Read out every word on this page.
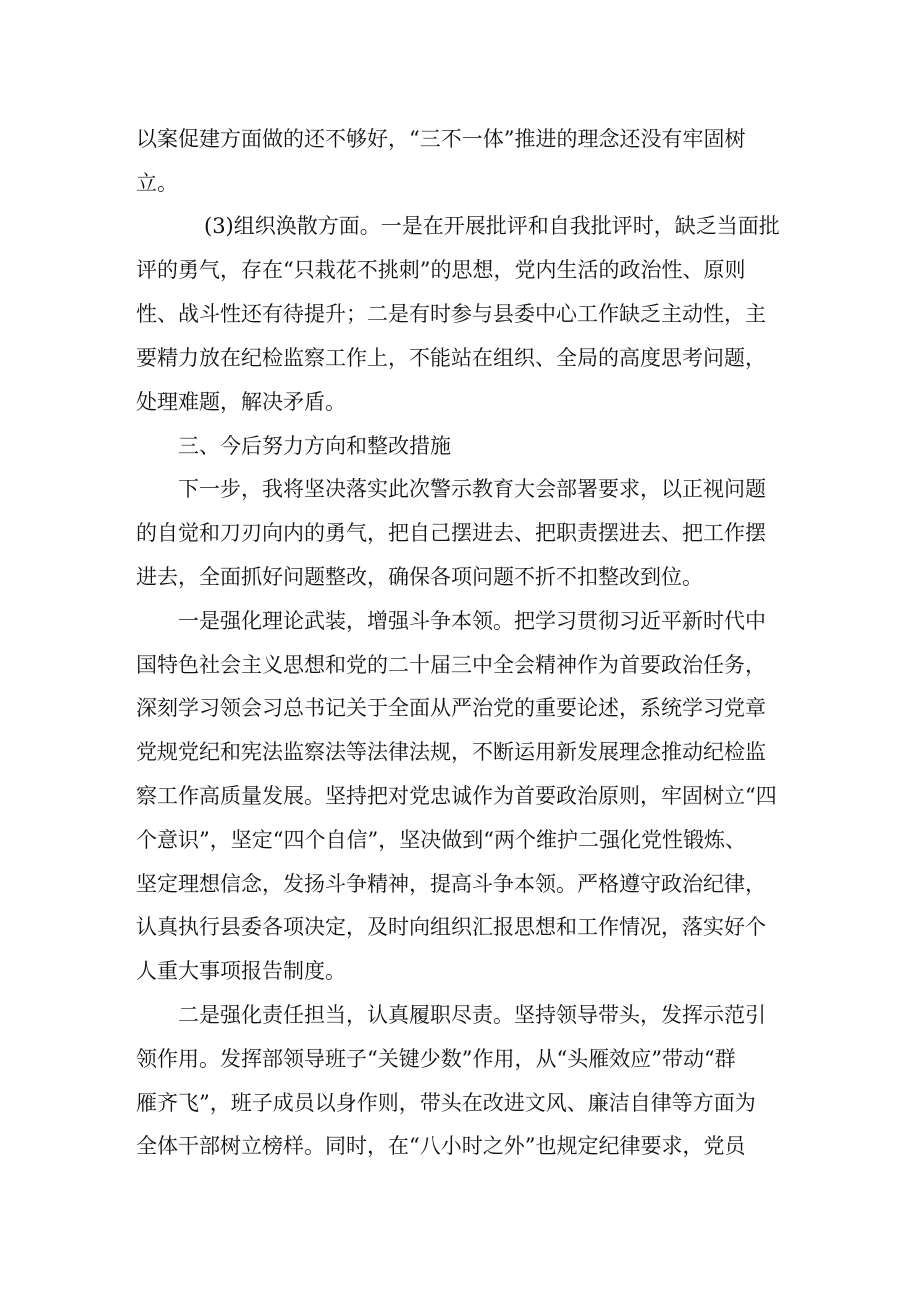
以案促建方面做的还不够好，“三不一体”推进的理念还没有牢固树
立。
(3)组织涣散方面。一是在开展批评和自我批评时，缺乏当面批
评的勇气，存在“只栽花不挑刺”的思想，党内生活的政治性、原则
性、战斗性还有待提升；二是有时参与县委中心工作缺乏主动性，主
要精力放在纪检监察工作上，不能站在组织、全局的高度思考问题，
处理难题，解决矛盾。
三、今后努力方向和整改措施
下一步，我将坚决落实此次警示教育大会部署要求，以正视问题
的自觉和刀刃向内的勇气，把自己摆进去、把职责摆进去、把工作摆
进去，全面抓好问题整改，确保各项问题不折不扣整改到位。
一是强化理论武装，增强斗争本领。把学习贯彻习近平新时代中
国特色社会主义思想和党的二十届三中全会精神作为首要政治任务，
深刻学习领会习总书记关于全面从严治党的重要论述，系统学习党章
党规党纪和宪法监察法等法律法规，不断运用新发展理念推动纪检监
察工作高质量发展。坚持把对党忠诚作为首要政治原则，牢固树立“四
个意识”，坚定“四个自信”，坚决做到“两个维护二强化党性锻炼、
坚定理想信念，发扬斗争精神，提高斗争本领。严格遵守政治纪律，
认真执行县委各项决定，及时向组织汇报思想和工作情况，落实好个
人重大事项报告制度。
二是强化责任担当，认真履职尽责。坚持领导带头，发挥示范引
领作用。发挥部领导班子“关键少数”作用，从“头雁效应”带动“群
雁齐飞”，班子成员以身作则，带头在改进文风、廉洁自律等方面为
全体干部树立榜样。同时，在“八小时之外”也规定纪律要求，党员
